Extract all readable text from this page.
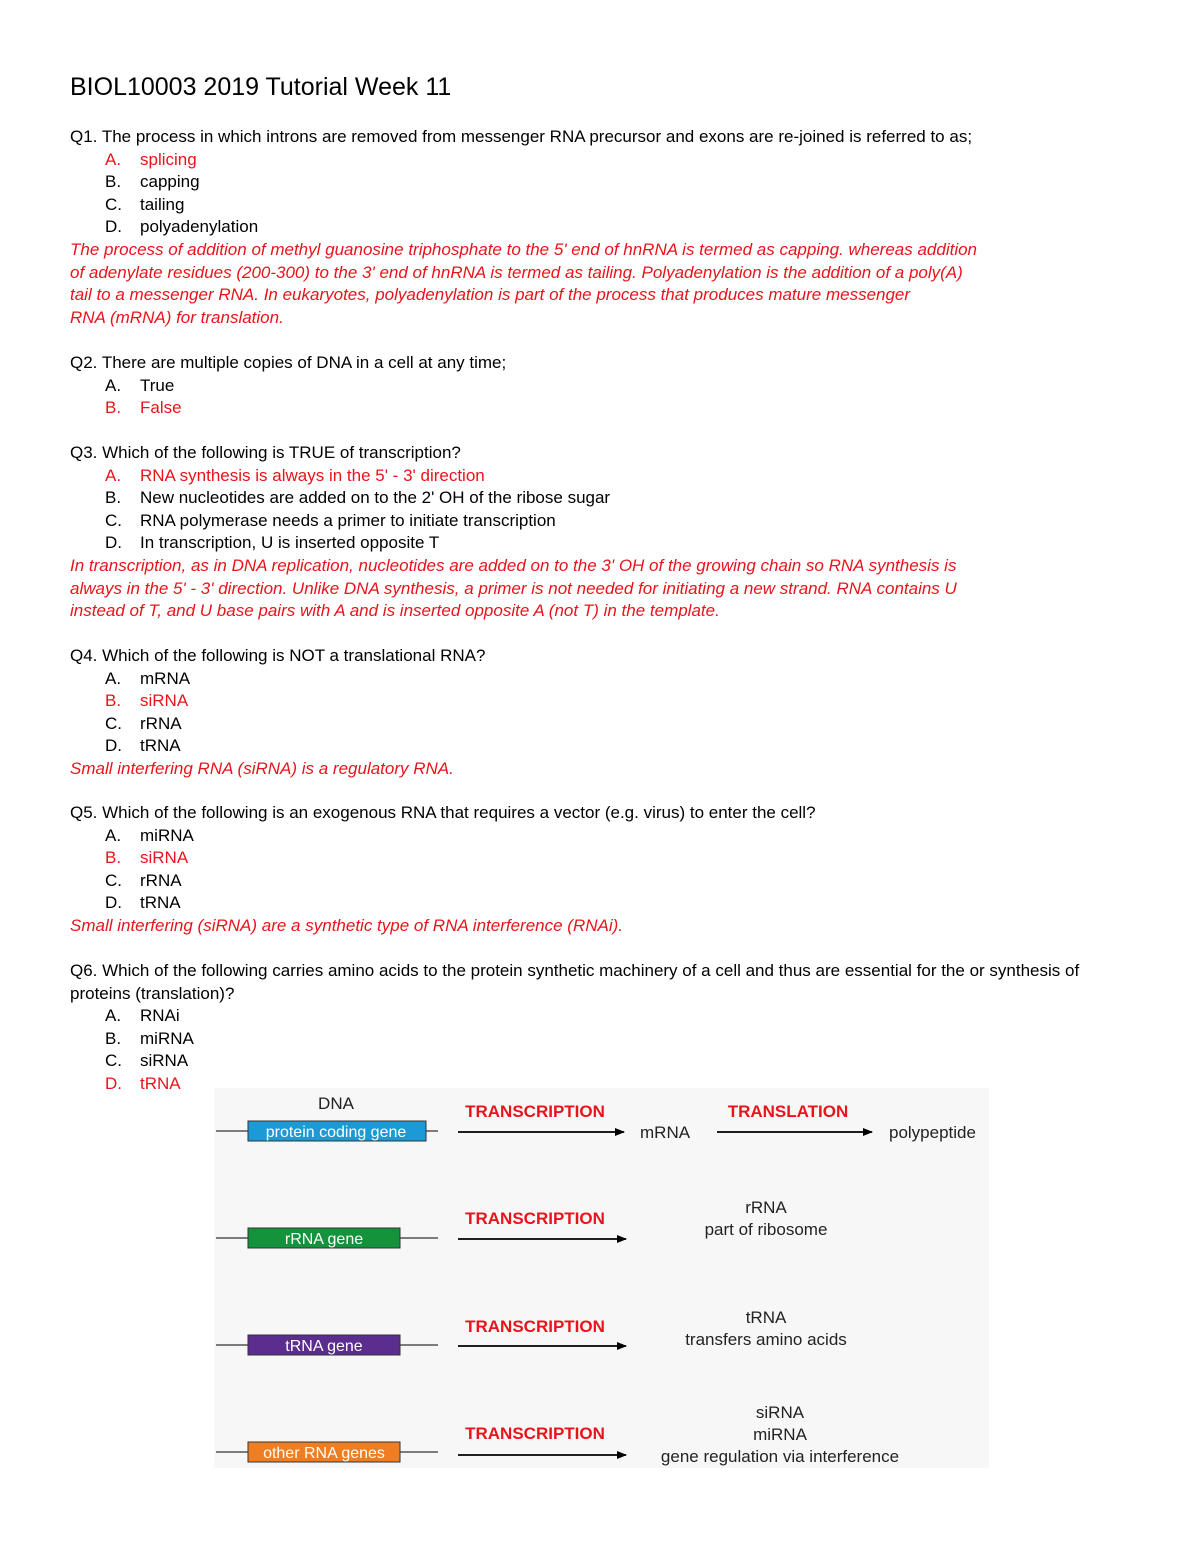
BIOL10003 2019 Tutorial Week 11

Q1. The process in which introns are removed from messenger RNA precursor and exons are re-joined is referred to as;

A. splicing
B. capping
C. tailing
D. polyadenylation

The process of addition of methyl guanosine triphosphate to the 5' end of hnRNA is termed as capping. whereas addition

of adenylate residues (200-300) to the 3' end of hnRNA is termed as tailing. Polyadenylation is the addition of a poly(A)

tail to a messenger RNA. In eukaryotes, polyadenylation is part of the process that produces mature messenger

RNA (mRNA) for translation.

Q2. There are multiple copies of DNA in a cell at any time;

A. True
B. False

Q3. Which of the following is TRUE of transcription?

A. RNA synthesis is always in the 5' - 3' direction
B. New nucleotides are added on to the 2' OH of the ribose sugar
C. RNA polymerase needs a primer to initiate transcription
D. In transcription, U is inserted opposite T

In transcription, as in DNA replication, nucleotides are added on to the 3' OH of the growing chain so RNA synthesis is

always in the 5' - 3' direction. Unlike DNA synthesis, a primer is not needed for initiating a new strand. RNA contains U

instead of T, and U base pairs with A and is inserted opposite A (not T) in the template.

Q4. Which of the following is NOT a translational RNA?

A. mRNA
B. siRNA
C. rRNA
D. tRNA

Small interfering RNA (siRNA) is a regulatory RNA.

Q5. Which of the following is an exogenous RNA that requires a vector (e.g. virus) to enter the cell?

A. miRNA
B. siRNA
C. rRNA
D. tRNA

Small interfering (siRNA) are a synthetic type of RNA interference (RNAi).

Q6. Which of the following carries amino acids to the protein synthetic machinery of a cell and thus are essential for the or synthesis of proteins (translation)?

A. RNAi
B. miRNA
C. siRNA
D. tRNA
DNA
protein coding gene
TRANSCRIPTION
mRNA
TRANSLATION
polypeptide
rRNA gene
TRANSCRIPTION
rRNA
part of ribosome
tRNA gene
TRANSCRIPTION	tRNA
transfers amino acids
other RNA genes
TRANSCRIPTION
siRNA
miRNA
gene regulation via interference
